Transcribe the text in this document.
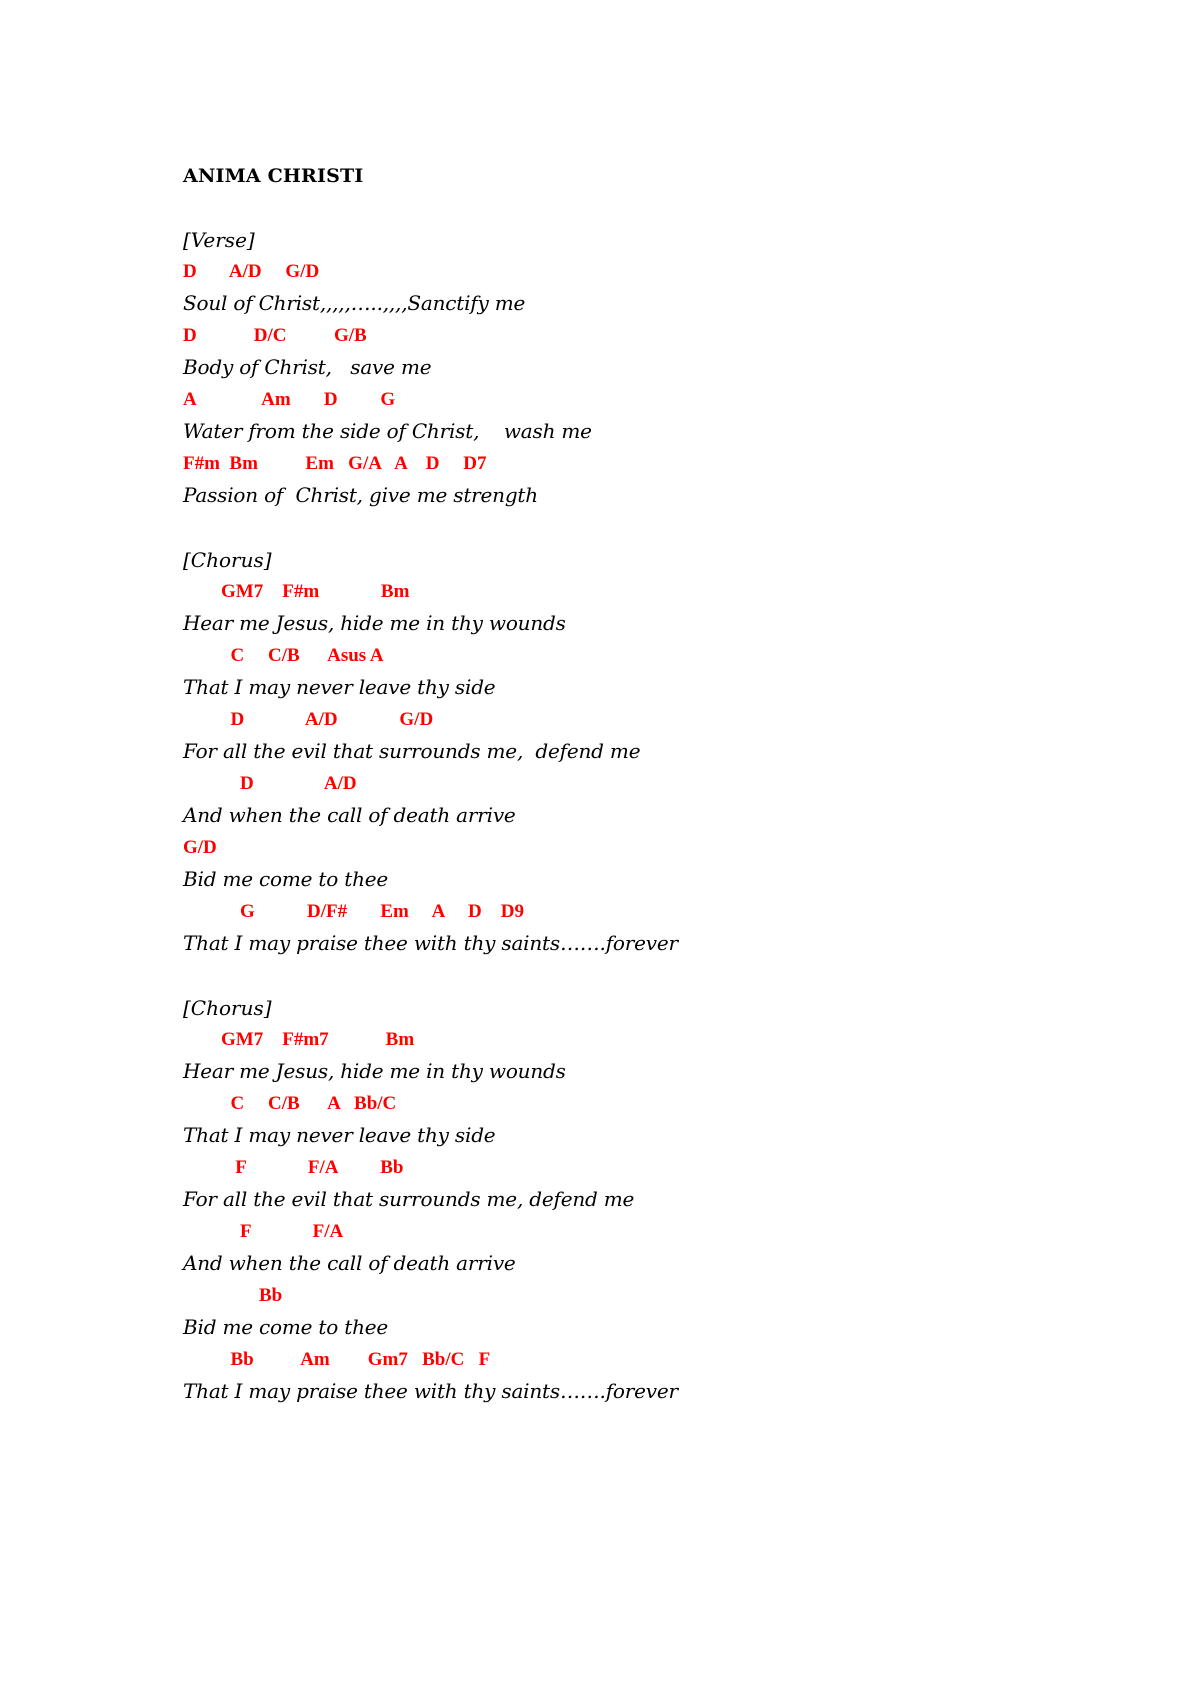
ANIMA CHRISTI
[Verse]
D       A/D     G/D
Soul of Christ,,,,,…..,,,,Sanctify me
D            D/C          G/B
Body of Christ,   save me
A              Am       D         G
Water from the side of Christ,    wash me
F#m  Bm          Em   G/A   A    D     D7
Passion of  Christ, give me strength
[Chorus]
GM7    F#m             Bm
Hear me Jesus, hide me in thy wounds
C     C/B      Asus A
That I may never leave thy side
D             A/D             G/D
For all the evil that surrounds me,  defend me
D               A/D
And when the call of death arrive
G/D
Bid me come to thee
G           D/F#       Em     A     D    D9
That I may praise thee with thy saints…….forever
[Chorus]
GM7    F#m7            Bm
Hear me Jesus, hide me in thy wounds
C     C/B      A   Bb/C
That I may never leave thy side
F             F/A         Bb
For all the evil that surrounds me, defend me
F             F/A
And when the call of death arrive
Bb
Bid me come to thee
Bb          Am        Gm7   Bb/C   F
That I may praise thee with thy saints…….forever
